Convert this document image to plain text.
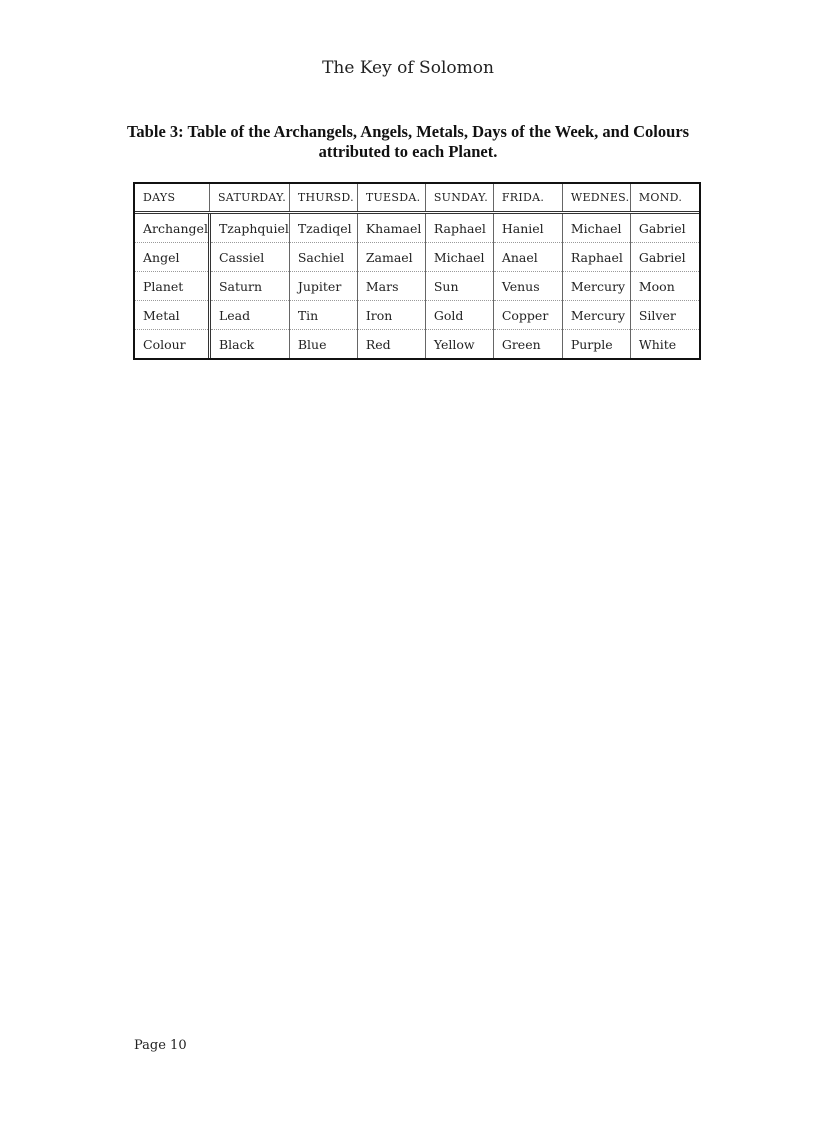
The Key of Solomon
Table 3: Table of the Archangels, Angels, Metals, Days of the Week, and Colours
attributed to each Planet.
DAYS	SATURDAY.	THURSD.	TUESDA.	SUNDAY.	FRIDA.	WEDNES.	MOND.
Archangel	Tzaphquiel	Tzadiqel	Khamael	Raphael	Haniel	Michael	Gabriel
Angel	Cassiel	Sachiel	Zamael	Michael	Anael	Raphael	Gabriel
Planet	Saturn	Jupiter	Mars	Sun	Venus	Mercury	Moon
Metal	Lead	Tin	Iron	Gold	Copper	Mercury	Silver
Colour	Black	Blue	Red	Yellow	Green	Purple	White
Page 10
